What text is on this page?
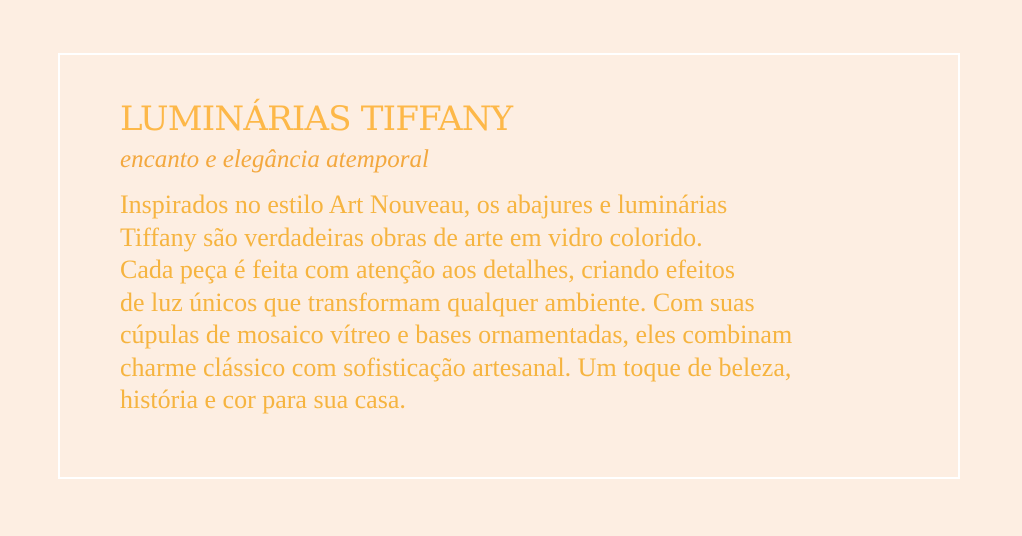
LUMINÁRIAS TIFFANY

encanto e elegância atemporal

Inspirados no estilo Art Nouveau, os abajures e luminárias
Tiffany são verdadeiras obras de arte em vidro colorido.
Cada peça é feita com atenção aos detalhes, criando efeitos
de luz únicos que transformam qualquer ambiente. Com suas
cúpulas de mosaico vítreo e bases ornamentadas, eles combinam
charme clássico com sofisticação artesanal. Um toque de beleza,
história e cor para sua casa.
